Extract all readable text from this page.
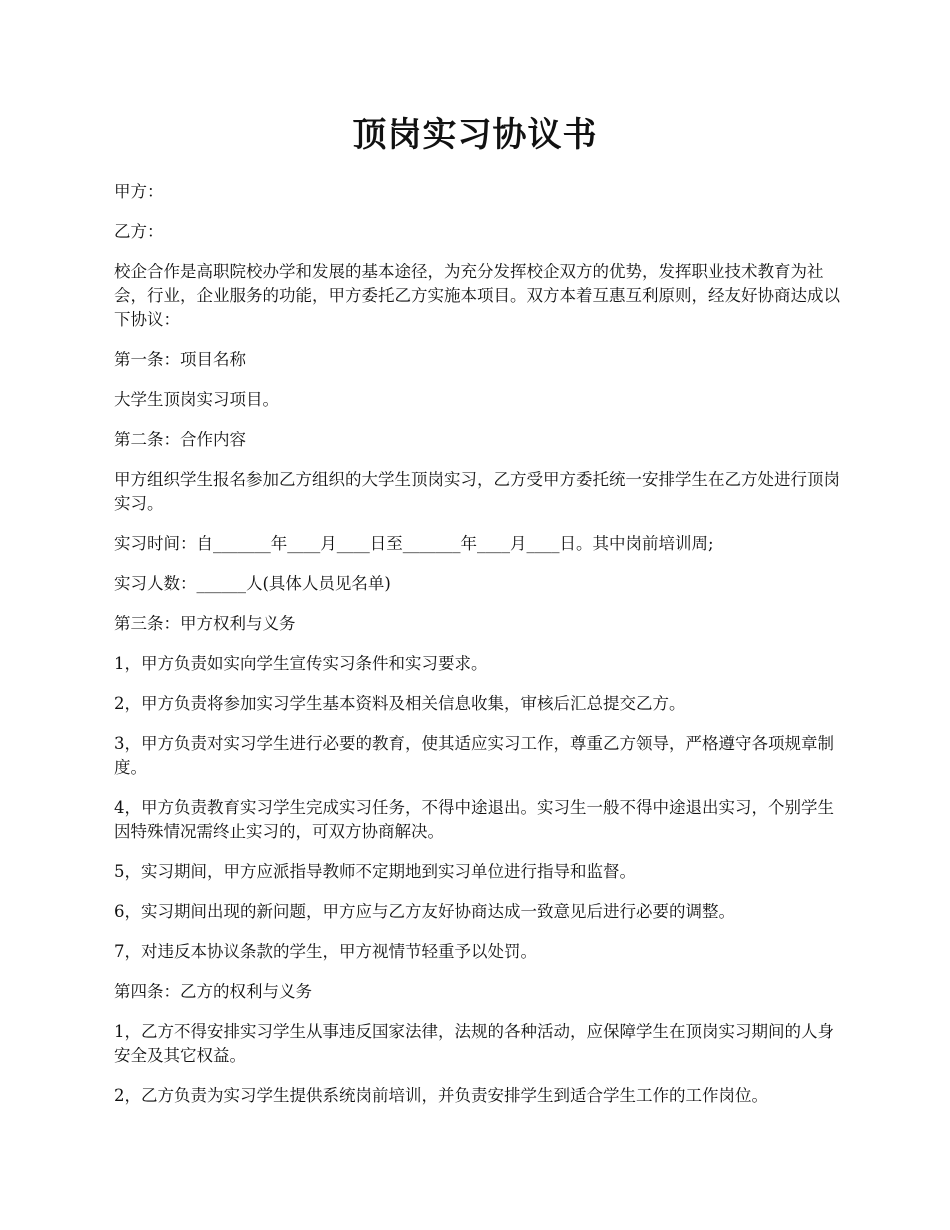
顶岗实习协议书

甲方：

乙方：

校企合作是高职院校办学和发展的基本途径，为充分发挥校企双方的优势，发挥职业技术教育为社会，行业，企业服务的功能，甲方委托乙方实施本项目。双方本着互惠互利原则，经友好协商达成以下协议：

第一条：项目名称

大学生顶岗实习项目。

第二条：合作内容

甲方组织学生报名参加乙方组织的大学生顶岗实习，乙方受甲方委托统一安排学生在乙方处进行顶岗实习。

实习时间：自_______年____月____日至_______年____月____日。其中岗前培训周;

实习人数：______人(具体人员见名单)

第三条：甲方权利与义务

1，甲方负责如实向学生宣传实习条件和实习要求。

2，甲方负责将参加实习学生基本资料及相关信息收集，审核后汇总提交乙方。

3，甲方负责对实习学生进行必要的教育，使其适应实习工作，尊重乙方领导，严格遵守各项规章制度。

4，甲方负责教育实习学生完成实习任务，不得中途退出。实习生一般不得中途退出实习，个别学生因特殊情况需终止实习的，可双方协商解决。

5，实习期间，甲方应派指导教师不定期地到实习单位进行指导和监督。

6，实习期间出现的新问题，甲方应与乙方友好协商达成一致意见后进行必要的调整。

7，对违反本协议条款的学生，甲方视情节轻重予以处罚。

第四条：乙方的权利与义务

1，乙方不得安排实习学生从事违反国家法律，法规的各种活动，应保障学生在顶岗实习期间的人身安全及其它权益。

2，乙方负责为实习学生提供系统岗前培训，并负责安排学生到适合学生工作的工作岗位。
